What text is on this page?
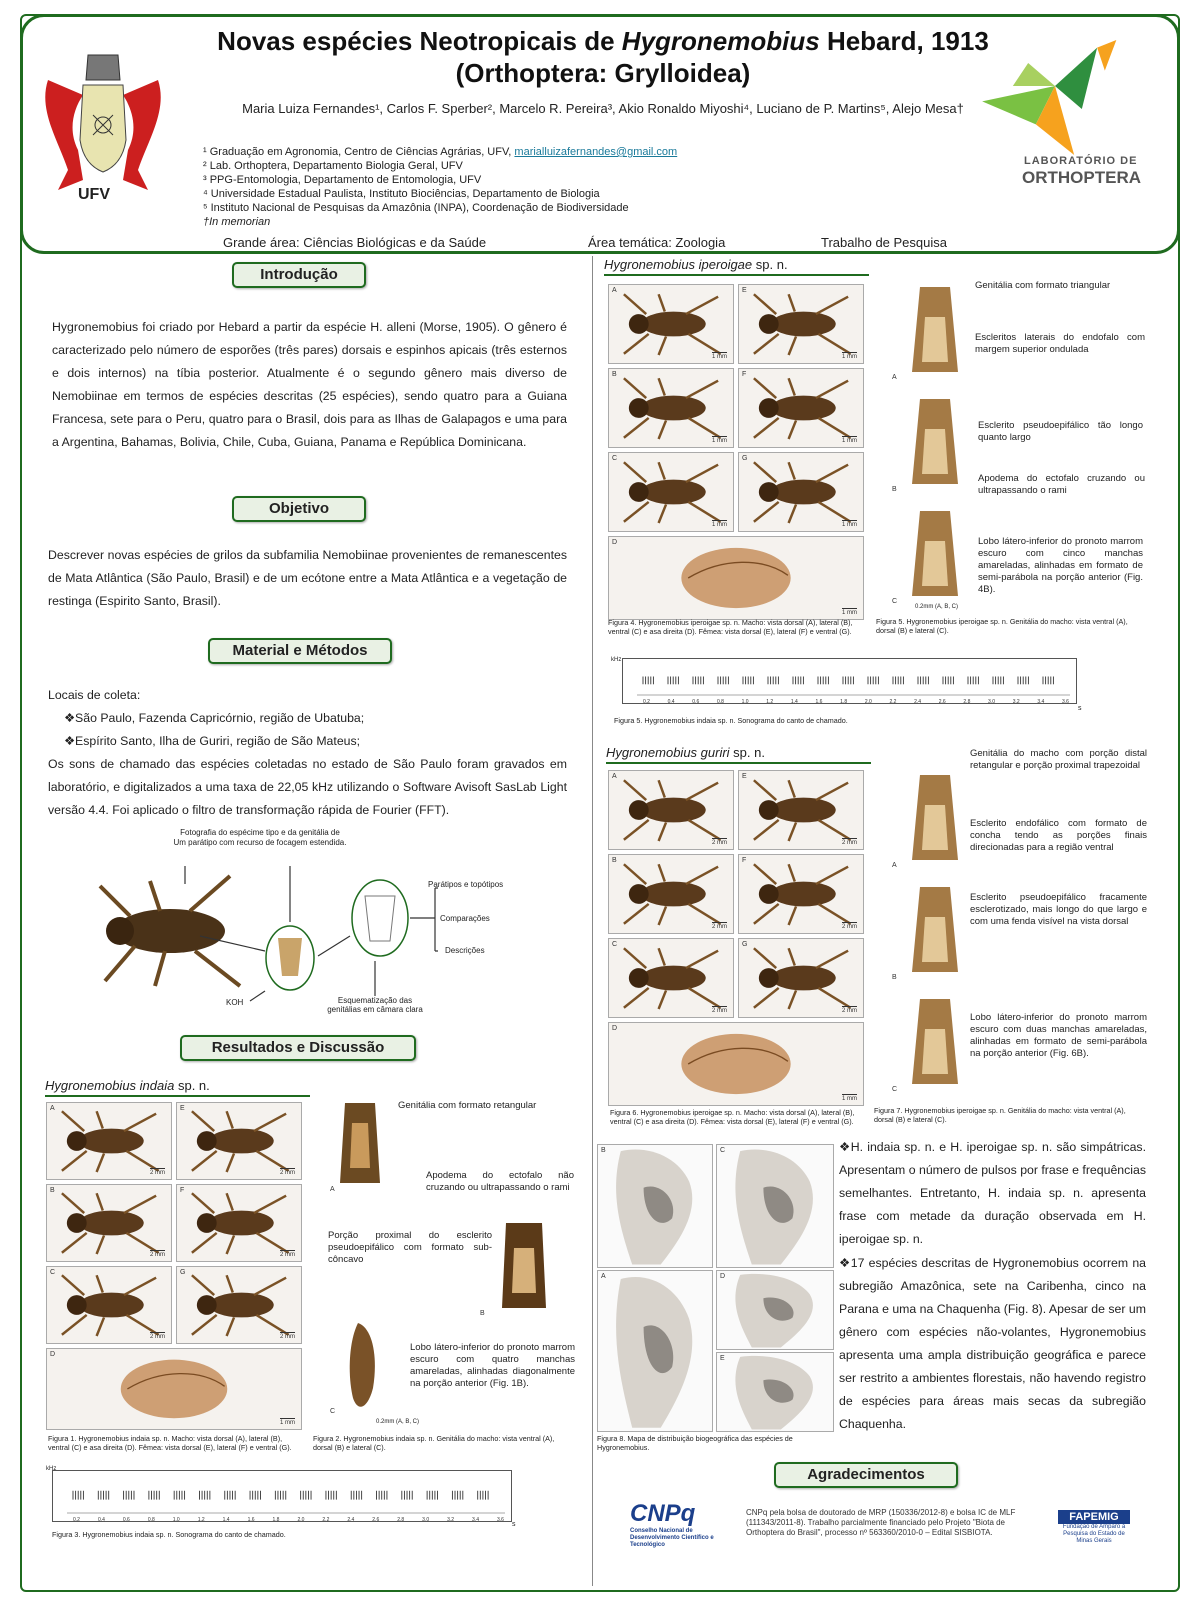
Novas espécies Neotropicais de Hygronemobius Hebard, 1913 (Orthoptera: Grylloidea)
Maria Luiza Fernandes¹, Carlos F. Sperber², Marcelo R. Pereira³, Akio Ronaldo Miyoshi⁴, Luciano de P. Martins⁵, Alejo Mesa†
¹ Graduação em Agronomia, Centro de Ciências Agrárias, UFV, marialluizafernandes@gmail.com
² Lab. Orthoptera, Departamento Biologia Geral, UFV
³ PPG-Entomologia, Departamento de Entomologia, UFV
⁴ Universidade Estadual Paulista, Instituto Biociências, Departamento de Biologia
⁵ Instituto Nacional de Pesquisas da Amazônia (INPA), Coordenação de Biodiversidade
†In memorian
Grande área: Ciências Biológicas e da Saúde	Área temática: Zoologia	Trabalho de Pesquisa
UFV
LABORATÓRIO DE
ORTHOPTERA
Introdução
Hygronemobius foi criado por Hebard a partir da espécie H. alleni (Morse, 1905). O gênero é caracterizado pelo número de esporões (três pares) dorsais e espinhos apicais (três esternos e dois internos) na tíbia posterior. Atualmente é o segundo gênero mais diverso de Nemobiinae em termos de espécies descritas (25 espécies), sendo quatro para a Guiana Francesa, sete para o Peru, quatro para o Brasil, dois para as Ilhas de Galapagos e uma para a Argentina, Bahamas, Bolivia, Chile, Cuba, Guiana, Panama e República Dominicana.
Objetivo
Descrever novas espécies de grilos da subfamilia Nemobiinae provenientes de remanescentes de Mata Atlântica (São Paulo, Brasil) e de um ecótone entre a Mata Atlântica e a vegetação de restinga (Espirito Santo, Brasil).
Material e Métodos
Locais de coleta:
❖São Paulo, Fazenda Capricórnio, região de Ubatuba;
❖Espírito Santo, Ilha de Guriri, região de São Mateus;
Os sons de chamado das espécies coletadas no estado de São Paulo foram gravados em laboratório, e digitalizados a uma taxa de 22,05 kHz utilizando o Software Avisoft SasLab Light versão 4.4. Foi aplicado o filtro de transformação rápida de Fourier (FFT).
Fotografia do espécime tipo e da genitália de
Um parátipo com recurso de focagem estendida.
Parátipos e topótipos
Comparações
Descrições
KOH	Esquematização das
genitálias em câmara clara
Resultados e Discussão
Hygronemobius indaia sp. n.
A
2 mm
E
2 mm
B
2 mm
F
2 mm
C
2 mm
G
2 mm
D
1 mm
Figura 1. Hygronemobius indaia sp. n. Macho: vista dorsal (A), lateral (B), ventral (C) e asa direita (D). Fêmea: vista dorsal (E), lateral (F) e ventral (G).
A
Genitália com formato retangular
Apodema do ectofalo não cruzando ou ultrapassando o rami
Porção proximal do esclerito pseudoepifálico com formato sub-côncavo
B
C
0.2mm (A, B, C)
Lobo látero-inferior do pronoto marrom escuro com quatro manchas amareladas, alinhadas diagonalmente na porção anterior (Fig. 1B).
Figura 2. Hygronemobius indaia sp. n. Genitália do macho: vista ventral (A), dorsal (B) e lateral (C).
0.2	0.4	0.6	0.8	1.0	1.2	1.4	1.6	1.8	2.0	2.2	2.4	2.6	2.8	3.0	3.2	3.4	3.6
kHz
s
Figura 3. Hygronemobius indaia sp. n. Sonograma do canto de chamado.
Hygronemobius iperoigae sp. n.
A
1 mm
E
1 mm
B
1 mm
F
1 mm
C
1 mm
G
1 mm
D
1 mm
Figura 4. Hygronemobius iperoigae sp. n. Macho: vista dorsal (A), lateral (B), ventral (C) e asa direita (D). Fêmea: vista dorsal (E), lateral (F) e ventral (G).
A
B
C
Genitália com formato triangular
Escleritos laterais do endofalo com margem superior ondulada
Esclerito pseudoepifálico tão longo quanto largo
Apodema do ectofalo cruzando ou ultrapassando o rami
Lobo látero-inferior do pronoto marrom escuro com cinco manchas amareladas, alinhadas em formato de semi-parábola na porção anterior (Fig. 4B).
0.2mm (A, B, C)
Figura 5. Hygronemobius iperoigae sp. n. Genitália do macho: vista ventral (A), dorsal (B) e lateral (C).
0.2	0.4	0.6	0.8	1.0	1.2	1.4	1.6	1.8	2.0	2.2	2.4	2.6	2.8	3.0	3.2	3.4	3.6
kHz
s
Figura 5. Hygronemobius indaia sp. n. Sonograma do canto de chamado.
Hygronemobius guriri sp. n.
A
2 mm
E
2 mm
B
2 mm
F
2 mm
C
2 mm
G
2 mm
D
1 mm
Figura 6. Hygronemobius iperoigae sp. n. Macho: vista dorsal (A), lateral (B), ventral (C) e asa direita (D). Fêmea: vista dorsal (E), lateral (F) e ventral (G).
A
B
C
Genitália do macho com porção distal retangular e porção proximal trapezoidal
Esclerito endofálico com formato de concha tendo as porções finais direcionadas para a região ventral
Esclerito pseudoepifálico fracamente esclerotizado, mais longo do que largo e com uma fenda visível na vista dorsal
Lobo látero-inferior do pronoto marrom escuro com duas manchas amareladas, alinhadas em formato de semi-parábola na porção anterior (Fig. 6B).
Figura 7. Hygronemobius iperoigae sp. n. Genitália do macho: vista ventral (A), dorsal (B) e lateral (C).
B	C
A	D
E
Figura 8. Mapa de distribuição biogeográfica das espécies de Hygronemobius.
❖H. indaia sp. n. e H. iperoigae sp. n. são simpátricas. Apresentam o número de pulsos por frase e frequências semelhantes. Entretanto, H. indaia sp. n. apresenta frase com metade da duração observada em H. iperoigae sp. n.
❖17 espécies descritas de Hygronemobius ocorrem na subregião Amazônica, sete na Caribenha, cinco na Parana e uma na Chaquenha (Fig. 8). Apesar de ser um gênero com espécies não-volantes, Hygronemobius apresenta uma ampla distribuição geográfica e parece ser restrito a ambientes florestais, não havendo registro de espécies para áreas mais secas da subregião Chaquenha.
Agradecimentos
CNPq
Conselho Nacional de Desenvolvimento Científico e Tecnológico
CNPq pela bolsa de doutorado de MRP (150336/2012-8) e bolsa IC de MLF (111343/2011-8). Trabalho parcialmente financiado pelo Projeto "Biota de Orthoptera do Brasil", processo nº 563360/2010-0 – Edital SISBIOTA.
FAPEMIG
Fundação de Amparo à Pesquisa do Estado de Minas Gerais
